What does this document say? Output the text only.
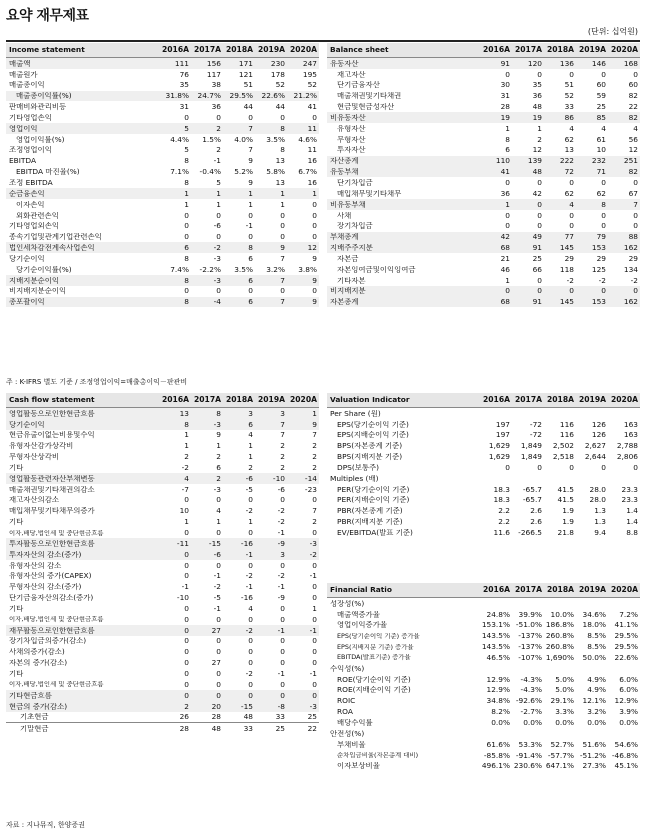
요약 재무제표
(단위: 십억원)
Income statement	2016A 2017A 2018A 2019A 2020A
매출액	111	156	171	230	247
매출원가	76	117	121	178	195
매출총이익	35	38	51	52	52
매출총이익률(%)	31.8%	24.7%	29.5%	22.6%	21.2%
판매비와관리비등	31	36	44	44	41
기타영업손익	0	0	0	0	0
영업이익	5	2	7	8	11
영업이익률(%)	4.4%	1.5%	4.0%	3.5%	4.6%
조정영업이익	5	2	7	8	11
EBITDA	8	-1	9	13	16
EBITDA 마진율(%)	7.1%	-0.4%	5.2%	5.8%	6.7%
조정 EBITDA	8	5	9	13	16
순금융손익	1	1	1	1	1
이자손익	1	1	1	1	0
외화관련손익	0	0	0	0	0
기타영업외손익	0	-6	-1	0	0
종속기업및관계기업관련손익	0	0	0	0	0
법인세차감전계속사업손익	6	-2	8	9	12
당기순이익	8	-3	6	7	9
당기순이익률(%)	7.4%	-2.2%	3.5%	3.2%	3.8%
지배지분순이익	8	-3	6	7	9
비지배지분순이익	0	0	0	0	0
총포괄이익	8	-4	6	7	9
Balance sheet	2016A 2017A 2018A 2019A 2020A
유동자산	91	120	136	146	168
재고자산	0	0	0	0	0
단기금융자산	30	35	51	60	60
매출채권및기타채권	31	36	52	59	82
현금및현금성자산	28	48	33	25	22
비유동자산	19	19	86	85	82
유형자산	1	1	4	4	4
무형자산	8	2	62	61	56
투자자산	6	12	13	10	12
자산총계	110	139	222	232	251
유동부채	41	48	72	71	82
단기차입금	0	0	0	0	0
매입채무및기타채무	36	42	62	62	67
비유동부채	1	0	4	8	7
사채	0	0	0	0	0
장기차입금	0	0	0	0	0
부채총계	42	49	77	79	88
지배주주지분	68	91	145	153	162
자본금	21	25	29	29	29
자본잉여금및이익잉여금	46	66	118	125	134
기타자본	1	0	-2	-2	-2
비지배지분	0	0	0	0	0
자본총계	68	91	145	153	162
Cash flow statement	2016A 2017A 2018A 2019A 2020A
영업활동으로인한현금흐름	13	8	3	3	1
당기순이익	8	-3	6	7	9
현금유출이없는비용및수익	1	9	4	7	7
유형자산감가상각비	1	1	1	2	2
무형자산상각비	2	2	1	2	2
기타	-2	6	2	2	2
영업활동관련자산부채변동	4	2	-6	-10	-14
매출채권및기타채권의감소	-7	-3	-5	-6	-23
재고자산의감소	0	0	0	0	0
매입채무및기타채무의증가	10	4	-2	-2	7
기타	1	1	1	-2	2
이자,배당,법인세 및 중단현금흐름	0	0	0	-1	0
투자활동으로인한현금흐름	-11	-15	-16	-9	-3
투자자산의 감소(증가)	0	-6	-1	3	-2
유형자산의 감소	0	0	0	0	0
유형자산의 증가(CAPEX)	0	-1	-2	-2	-1
무형자산의 감소(증가)	-1	-2	-1	-1	0
단기금융자산의감소(증가)	-10	-5	-16	-9	0
기타	0	-1	4	0	1
이자,배당,법인세 및 중단현금흐름	0	0	0	0	0
재무활동으로인한현금흐름	0	27	-2	-1	-1
장기차입금의증가(감소)	0	0	0	0	0
사채의증가(감소)	0	0	0	0	0
자본의 증가(감소)	0	27	0	0	0
기타	0	0	-2	-1	-1
이자,배당,법인세 및 중단현금흐름	0	0	0	0	0
기타현금흐름	0	0	0	0	0
현금의 증가(감소)	2	20	-15	-8	-3
기초현금	26	28	48	33	25
기말현금	28	48	33	25	22
Valuation Indicator	2016A 2017A 2018A 2019A 2020A
Per Share (원)
EPS(당기순이익 기준)	197	-72	116	126	163
EPS(지배순이익 기준)	197	-72	116	126	163
BPS(자본총계 기준)	1,629	1,849	2,502	2,627	2,788
BPS(지배지분 기준)	1,629	1,849	2,518	2,644	2,806
DPS(보통주)	0	0	0	0	0
Multiples (배)
PER(당기순이익 기준)	18.3	-65.7	41.5	28.0	23.3
PER(지배순이익 기준)	18.3	-65.7	41.5	28.0	23.3
PBR(자본총계 기준)	2.2	2.6	1.9	1.3	1.4
PBR(지배지분 기준)	2.2	2.6	1.9	1.3	1.4
EV/EBITDA(발표 기준)	11.6	-266.5	21.8	9.4	8.8
Financial Ratio	2016A 2017A 2018A 2019A 2020A
성장성(%)
매출액증가율	24.8%	39.9%	10.0%	34.6%	7.2%
영업이익증가율	153.1% -51.0% 186.8%	18.0%	41.1%
EPS(당기순이익 기준) 증가율	143.5%	-137% 260.8%	8.5%	29.5%
EPS(지배지분 기준) 증가율	143.5%	-137% 260.8%	8.5%	29.5%
EBITDA(발표기준) 증가율	46.5%	-107% 1,690%	50.0%	22.6%
수익성(%)
ROE(당기순이익 기준)	12.9%	-4.3%	5.0%	4.9%	6.0%
ROE(지배순이익 기준)	12.9%	-4.3%	5.0%	4.9%	6.0%
ROIC	34.8% -92.6%	29.1%	12.1%	12.9%
ROA	8.2%	-2.7%	3.3%	3.2%	3.9%
배당수익률	0.0%	0.0%	0.0%	0.0%	0.0%
안전성(%)
부채비율	61.6%	53.3%	52.7%	51.6%	54.6%
순차입금비율(자본총계 대비)	-85.8% -91.4% -57.7% -51.2% -46.8%
이자보상비율	496.1% 230.6% 647.1%	27.3%	45.1%
주 : K-IFRS 별도 기준 / 조정영업이익=매출총이익－판관비
자료 : 지나뮤직, 한양증권
